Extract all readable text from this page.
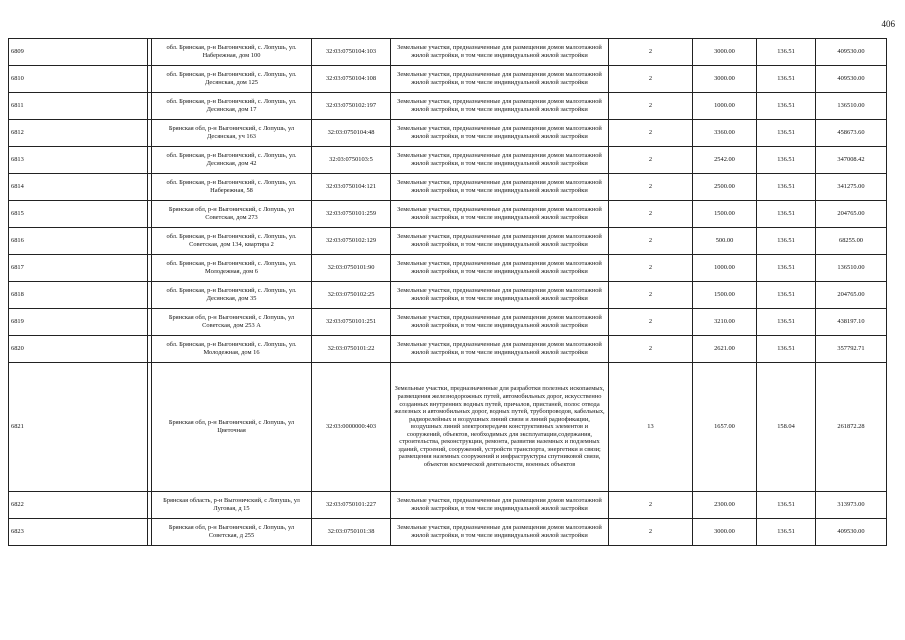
406
6809		обл. Брянская, р-н Выгоничский, с. Лопушь, ул. Набережная, дом 100	32:03:0750104:103	Земельные участки, предназначенные для размещения домов малоэтажной жилой застройки, в том числе индивидуальной жилой застройки	2	3000.00	136.51	409530.00
6810		обл. Брянская, р-н Выгоничский, с. Лопушь, ул. Десянская, дом 125	32:03:0750104:108	Земельные участки, предназначенные для размещения домов малоэтажной жилой застройки, в том числе индивидуальной жилой застройки	2	3000.00	136.51	409530.00
6811		обл. Брянская, р-н Выгоничский, с. Лопушь, ул. Десянская, дом 17	32:03:0750102:197	Земельные участки, предназначенные для размещения домов малоэтажной жилой застройки, в том числе индивидуальной жилой застройки	2	1000.00	136.51	136510.00
6812		Брянская обл, р-н Выгоничский, с Лопушь, ул Десянская, уч 163	32:03:0750104:48	Земельные участки, предназначенные для размещения домов малоэтажной жилой застройки, в том числе индивидуальной жилой застройки	2	3360.00	136.51	458673.60
6813		обл. Брянская, р-н Выгоничский, с. Лопушь, ул. Десянская, дом 42	32:03:0750103:5	Земельные участки, предназначенные для размещения домов малоэтажной жилой застройки, в том числе индивидуальной жилой застройки	2	2542.00	136.51	347008.42
6814		обл. Брянская, р-н Выгоничский, с. Лопушь, ул. Набережная, 58	32:03:0750104:121	Земельные участки, предназначенные для размещения домов малоэтажной жилой застройки, в том числе индивидуальной жилой застройки	2	2500.00	136.51	341275.00
6815		Брянская обл, р-н Выгоничский, с Лопушь, ул Советская, дом 273	32:03:0750101:259	Земельные участки, предназначенные для размещения домов малоэтажной жилой застройки, в том числе индивидуальной жилой застройки	2	1500.00	136.51	204765.00
6816		обл. Брянская, р-н Выгоничский, с. Лопушь, ул. Советская, дом 134, квартира 2	32:03:0750102:129	Земельные участки, предназначенные для размещения домов малоэтажной жилой застройки, в том числе индивидуальной жилой застройки	2	500.00	136.51	68255.00
6817		обл. Брянская, р-н Выгоничский, с. Лопушь, ул. Молодежная, дом 6	32:03:0750101:90	Земельные участки, предназначенные для размещения домов малоэтажной жилой застройки, в том числе индивидуальной жилой застройки	2	1000.00	136.51	136510.00
6818		обл. Брянская, р-н Выгоничский, с. Лопушь, ул. Десянская, дом 35	32:03:0750102:25	Земельные участки, предназначенные для размещения домов малоэтажной жилой застройки, в том числе индивидуальной жилой застройки	2	1500.00	136.51	204765.00
6819		Брянская обл, р-н Выгоничский, с Лопушь, ул Советская, дом 253 А	32:03:0750101:251	Земельные участки, предназначенные для размещения домов малоэтажной жилой застройки, в том числе индивидуальной жилой застройки	2	3210.00	136.51	438197.10
6820		обл. Брянская, р-н Выгоничский, с. Лопушь, ул. Молодежная, дом 16	32:03:0750101:22	Земельные участки, предназначенные для размещения домов малоэтажной жилой застройки, в том числе индивидуальной жилой застройки	2	2621.00	136.51	357792.71
6821		Брянская обл, р-н Выгоничский, с Лопушь, ул Цветочная	32:03:0000000:403	Земельные участки, предназначенные для разработки полезных ископаемых, размещения железнодорожных путей, автомобильных дорог, искусственно созданных внутренних водных путей, причалов, пристаней, полос отвода железных и автомобильных дорог, водных путей, трубопроводов, кабельных, радиорелейных и воздушных линий связи и линий радиофикации, воздушных линий электропередачи конструктивных элементов и сооружений, объектов, необходимых для эксплуатации,содержания, строительства, реконструкции, ремонта, развития наземных и подземных зданий, строений, сооружений, устройств транспорта, энергетики и связи; размещения наземных сооружений и инфраструктуры спутниковой связи, объектов космической деятельности, военных объектов	13	1657.00	158.04	261872.28
6822		Брянская область, р-н Выгоничский, с Лопушь, ул Луговая, д 15	32:03:0750101:227	Земельные участки, предназначенные для размещения домов малоэтажной жилой застройки, в том числе индивидуальной жилой застройки	2	2300.00	136.51	313973.00
6823		Брянская обл, р-н Выгоничский, с Лопушь, ул Советская, д 255	32:03:0750101:38	Земельные участки, предназначенные для размещения домов малоэтажной жилой застройки, в том числе индивидуальной жилой застройки	2	3000.00	136.51	409530.00
